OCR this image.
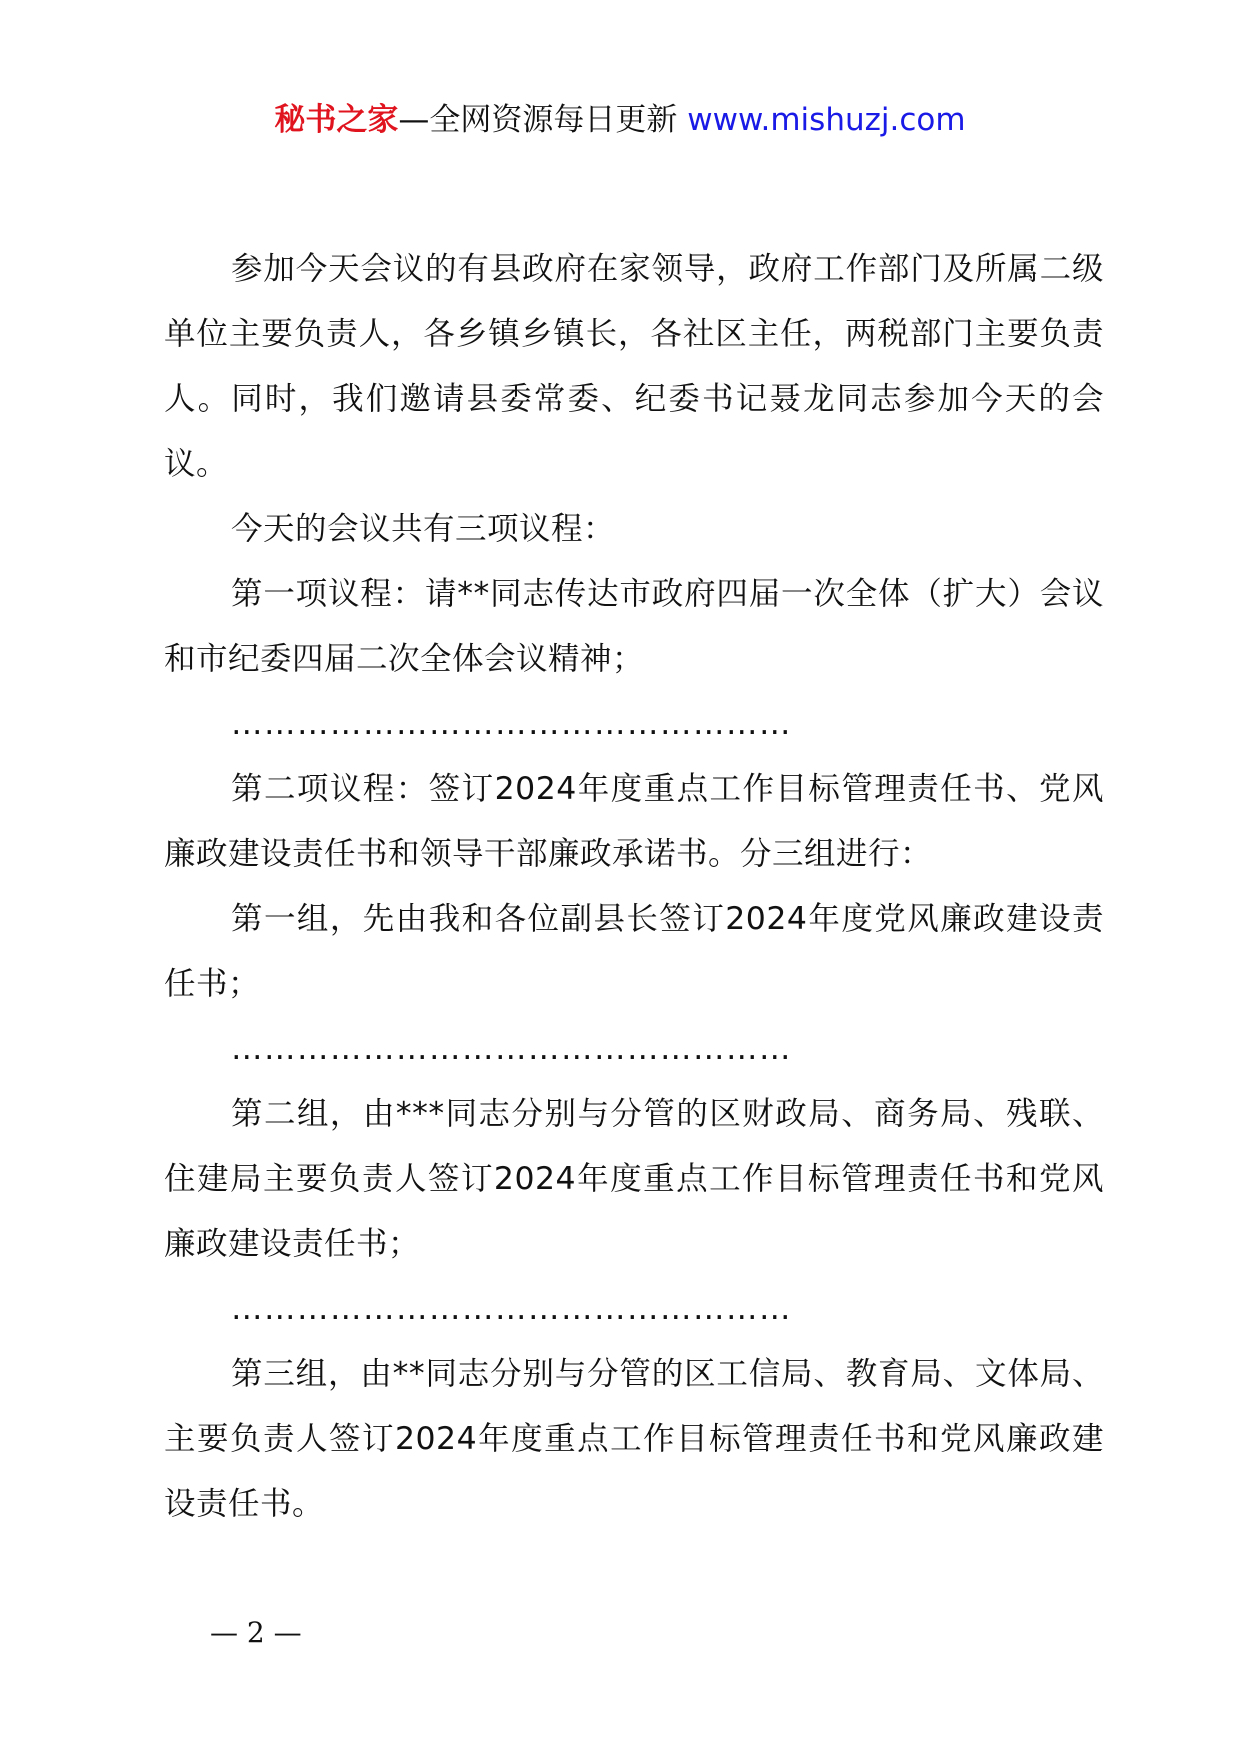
秘书之家—全网资源每日更新 www.mishuzj.com

参加今天会议的有县政府在家领导，政府工作部门及所属二级单位主要负责人，各乡镇乡镇长，各社区主任，两税部门主要负责人。同时，我们邀请县委常委、纪委书记聂龙同志参加今天的会议。

今天的会议共有三项议程：

第一项议程：请**同志传达市政府四届一次全体（扩大）会议和市纪委四届二次全体会议精神；

……………………………………………

第二项议程：签订2024年度重点工作目标管理责任书、党风廉政建设责任书和领导干部廉政承诺书。分三组进行：

第一组，先由我和各位副县长签订2024年度党风廉政建设责任书；

……………………………………………

第二组，由***同志分别与分管的区财政局、商务局、残联、住建局主要负责人签订2024年度重点工作目标管理责任书和党风廉政建设责任书；

……………………………………………

第三组，由**同志分别与分管的区工信局、教育局、文体局、主要负责人签订2024年度重点工作目标管理责任书和党风廉政建设责任书。

— 2 —
